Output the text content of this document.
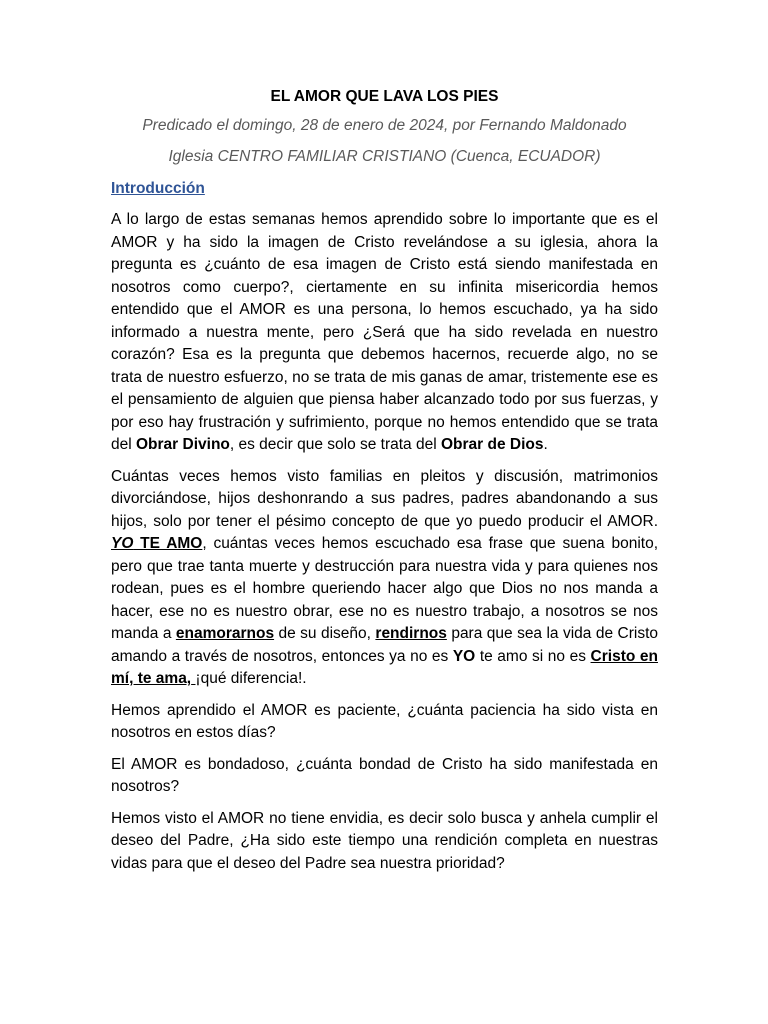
EL AMOR QUE LAVA LOS PIES
Predicado el domingo, 28 de enero de 2024, por Fernando Maldonado
Iglesia CENTRO FAMILIAR CRISTIANO (Cuenca, ECUADOR)
Introducción

A lo largo de estas semanas hemos aprendido sobre lo importante que es el AMOR y ha sido la imagen de Cristo revelándose a su iglesia, ahora la pregunta es ¿cuánto de esa imagen de Cristo está siendo manifestada en nosotros como cuerpo?, ciertamente en su infinita misericordia hemos entendido que el AMOR es una persona, lo hemos escuchado, ya ha sido informado a nuestra mente, pero ¿Será que ha sido revelada en nuestro corazón? Esa es la pregunta que debemos hacernos, recuerde algo, no se trata de nuestro esfuerzo, no se trata de mis ganas de amar, tristemente ese es el pensamiento de alguien que piensa haber alcanzado todo por sus fuerzas, y por eso hay frustración y sufrimiento, porque no hemos entendido que se trata del Obrar Divino, es decir que solo se trata del Obrar de Dios.

Cuántas veces hemos visto familias en pleitos y discusión, matrimonios divorciándose, hijos deshonrando a sus padres, padres abandonando a sus hijos, solo por tener el pésimo concepto de que yo puedo producir el AMOR. YO TE AMO, cuántas veces hemos escuchado esa frase que suena bonito, pero que trae tanta muerte y destrucción para nuestra vida y para quienes nos rodean, pues es el hombre queriendo hacer algo que Dios no nos manda a hacer, ese no es nuestro obrar, ese no es nuestro trabajo, a nosotros se nos manda a enamorarnos de su diseño, rendirnos para que sea la vida de Cristo amando a través de nosotros, entonces ya no es YO te amo si no es Cristo en mí, te ama, ¡qué diferencia!.

Hemos aprendido el AMOR es paciente, ¿cuánta paciencia ha sido vista en nosotros en estos días?

El AMOR es bondadoso, ¿cuánta bondad de Cristo ha sido manifestada en nosotros?

Hemos visto el AMOR no tiene envidia, es decir solo busca y anhela cumplir el deseo del Padre, ¿Ha sido este tiempo una rendición completa en nuestras vidas para que el deseo del Padre sea nuestra prioridad?
